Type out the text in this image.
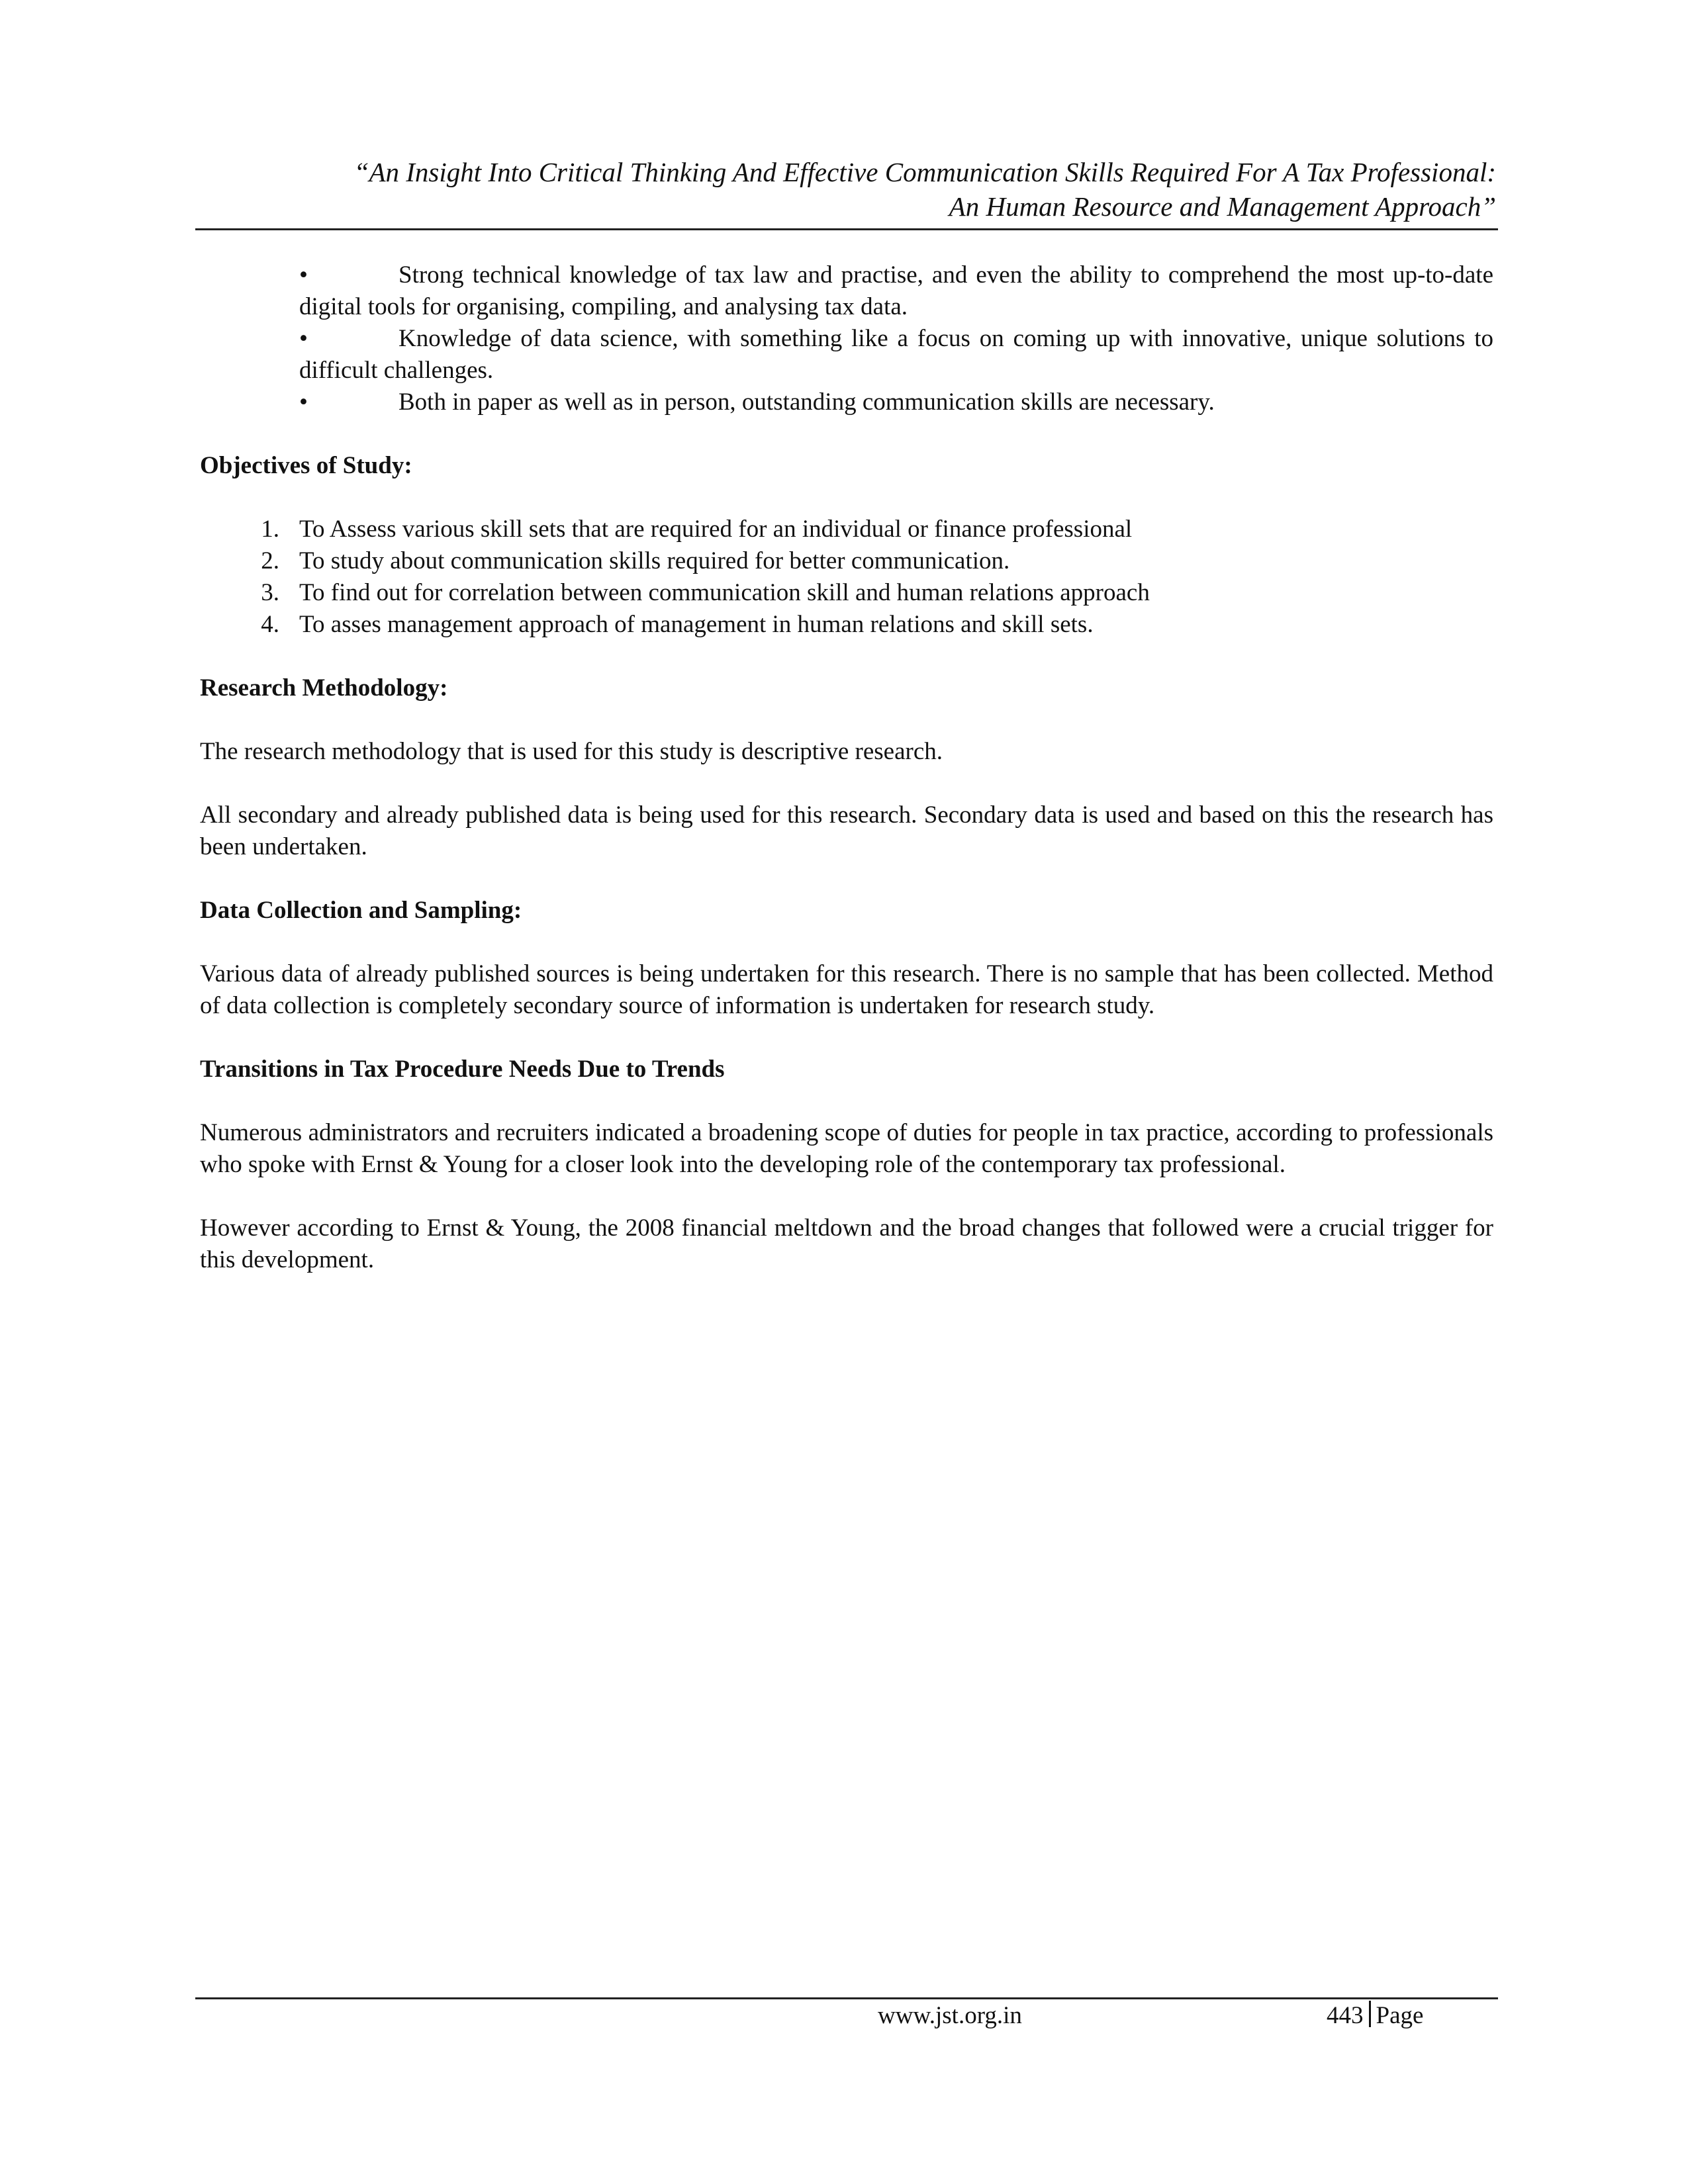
“An Insight Into Critical Thinking And Effective Communication Skills Required For A Tax Professional:
An Human Resource and Management Approach”
•	Strong technical knowledge of tax law and practise, and even the ability to comprehend the most up-to-date digital tools for organising, compiling, and analysing tax data.
•	Knowledge of data science, with something like a focus on coming up with innovative, unique solutions to difficult challenges.
•	Both in paper as well as in person, outstanding communication skills are necessary.
Objectives of Study:
1. To Assess various skill sets that are required for an individual or finance professional
2. To study about communication skills required for better communication.
3. To find out for correlation between communication skill and human relations approach
4. To asses management approach of management in human relations and skill sets.
Research Methodology:

The research methodology that is used for this study is descriptive research.

All secondary and already published data is being used for this research. Secondary data is used and based on this the research has been undertaken.

Data Collection and Sampling:

Various data of already published sources is being undertaken for this research. There is no sample that has been collected. Method of data collection is completely secondary source of information is undertaken for research study.

Transitions in Tax Procedure Needs Due to Trends

Numerous administrators and recruiters indicated a broadening scope of duties for people in tax practice, according to professionals who spoke with Ernst & Young for a closer look into the developing role of the contemporary tax professional.

However according to Ernst & Young, the 2008 financial meltdown and the broad changes that followed were a crucial trigger for this development.

www.jst.org.in	443 Page
